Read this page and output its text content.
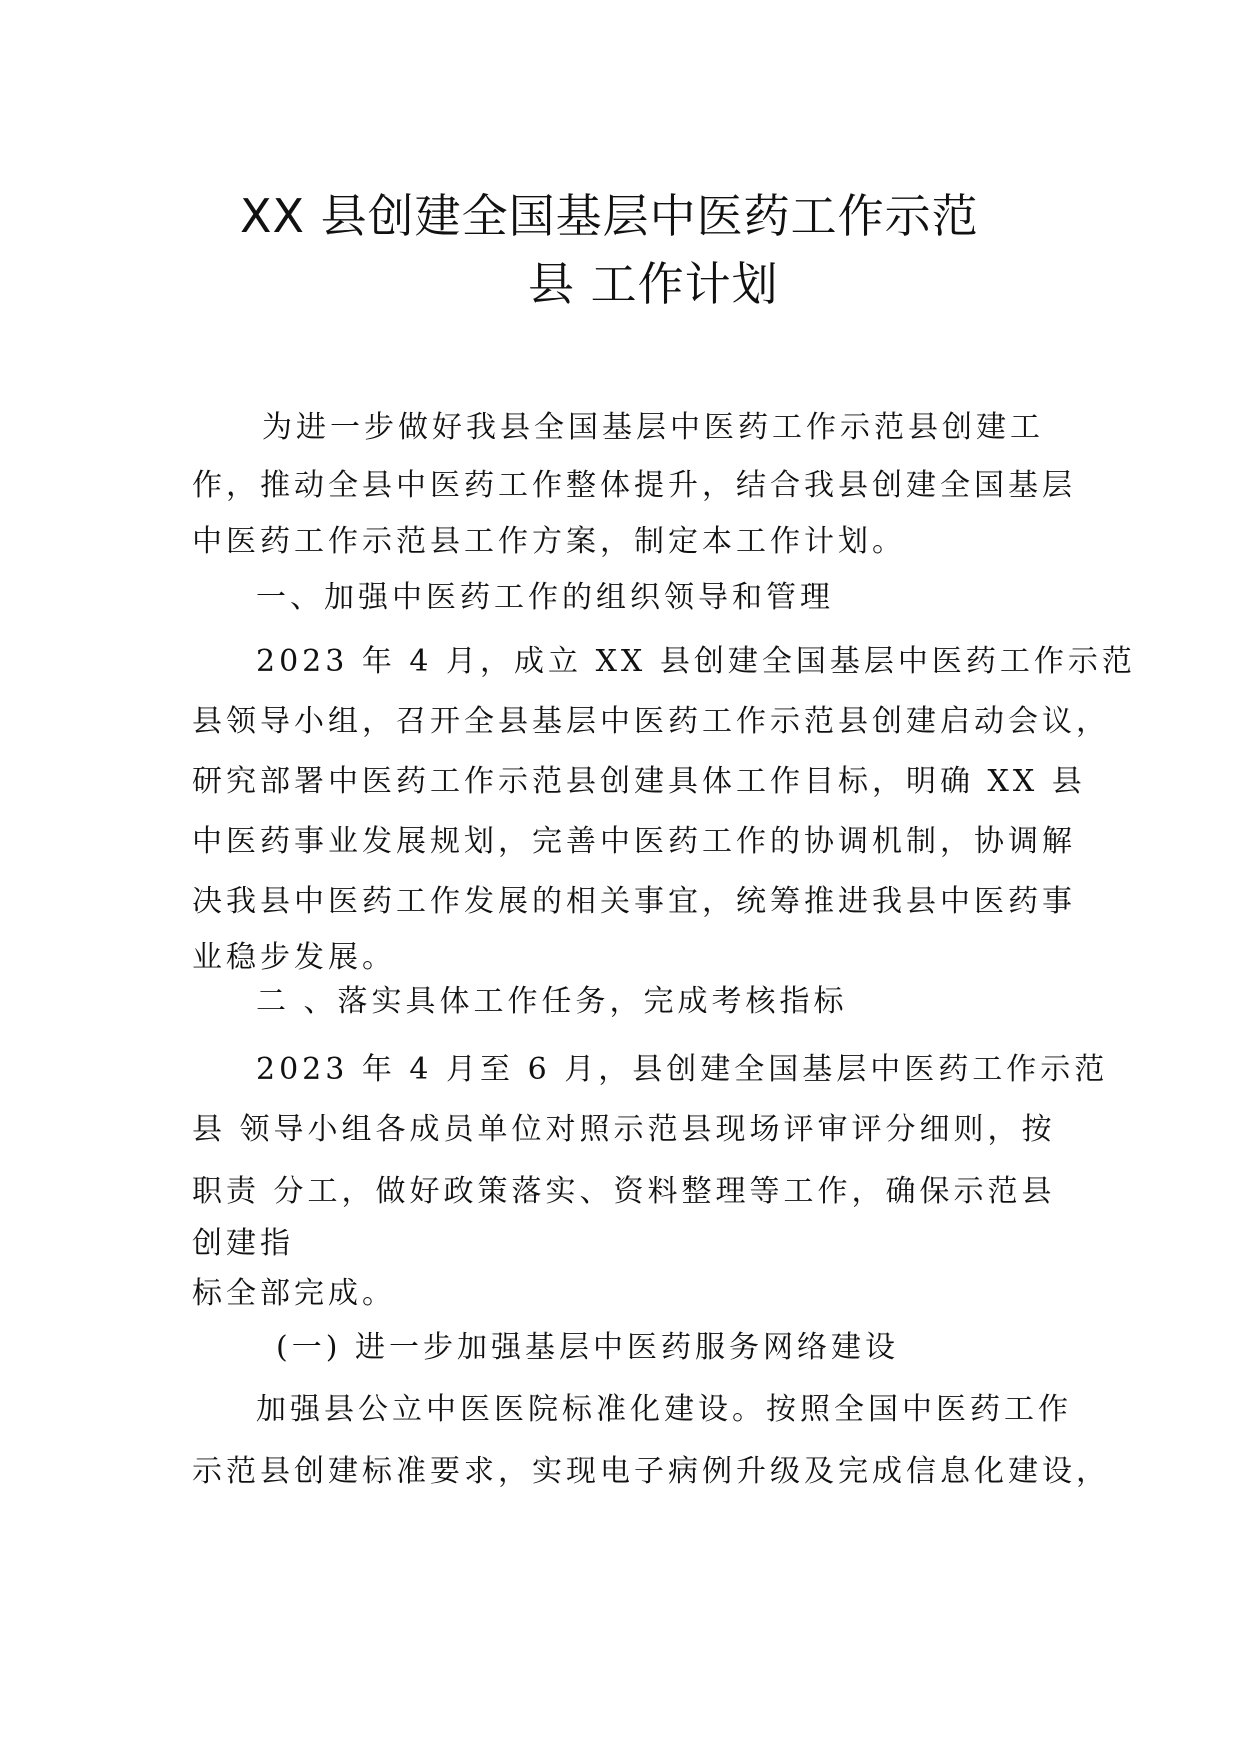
XX 县创建全国基层中医药工作示范
县 工作计划

为进一步做好我县全国基层中医药工作示范县创建工

作，推动全县中医药工作整体提升，结合我县创建全国基层

中医药工作示范县工作方案，制定本工作计划。

一、加强中医药工作的组织领导和管理

2023 年 4 月，成立 XX 县创建全国基层中医药工作示范

县领导小组，召开全县基层中医药工作示范县创建启动会议，

研究部署中医药工作示范县创建具体工作目标，明确 XX 县

中医药事业发展规划，完善中医药工作的协调机制，协调解

决我县中医药工作发展的相关事宜，统筹推进我县中医药事

业稳步发展。

二 、落实具体工作任务，完成考核指标

2023 年 4 月至 6 月，县创建全国基层中医药工作示范

县 领导小组各成员单位对照示范县现场评审评分细则，按

职责 分工，做好政策落实、资料整理等工作，确保示范县

创建指

标全部完成。

(一) 进一步加强基层中医药服务网络建设

加强县公立中医医院标准化建设。按照全国中医药工作

示范县创建标准要求，实现电子病例升级及完成信息化建设，
